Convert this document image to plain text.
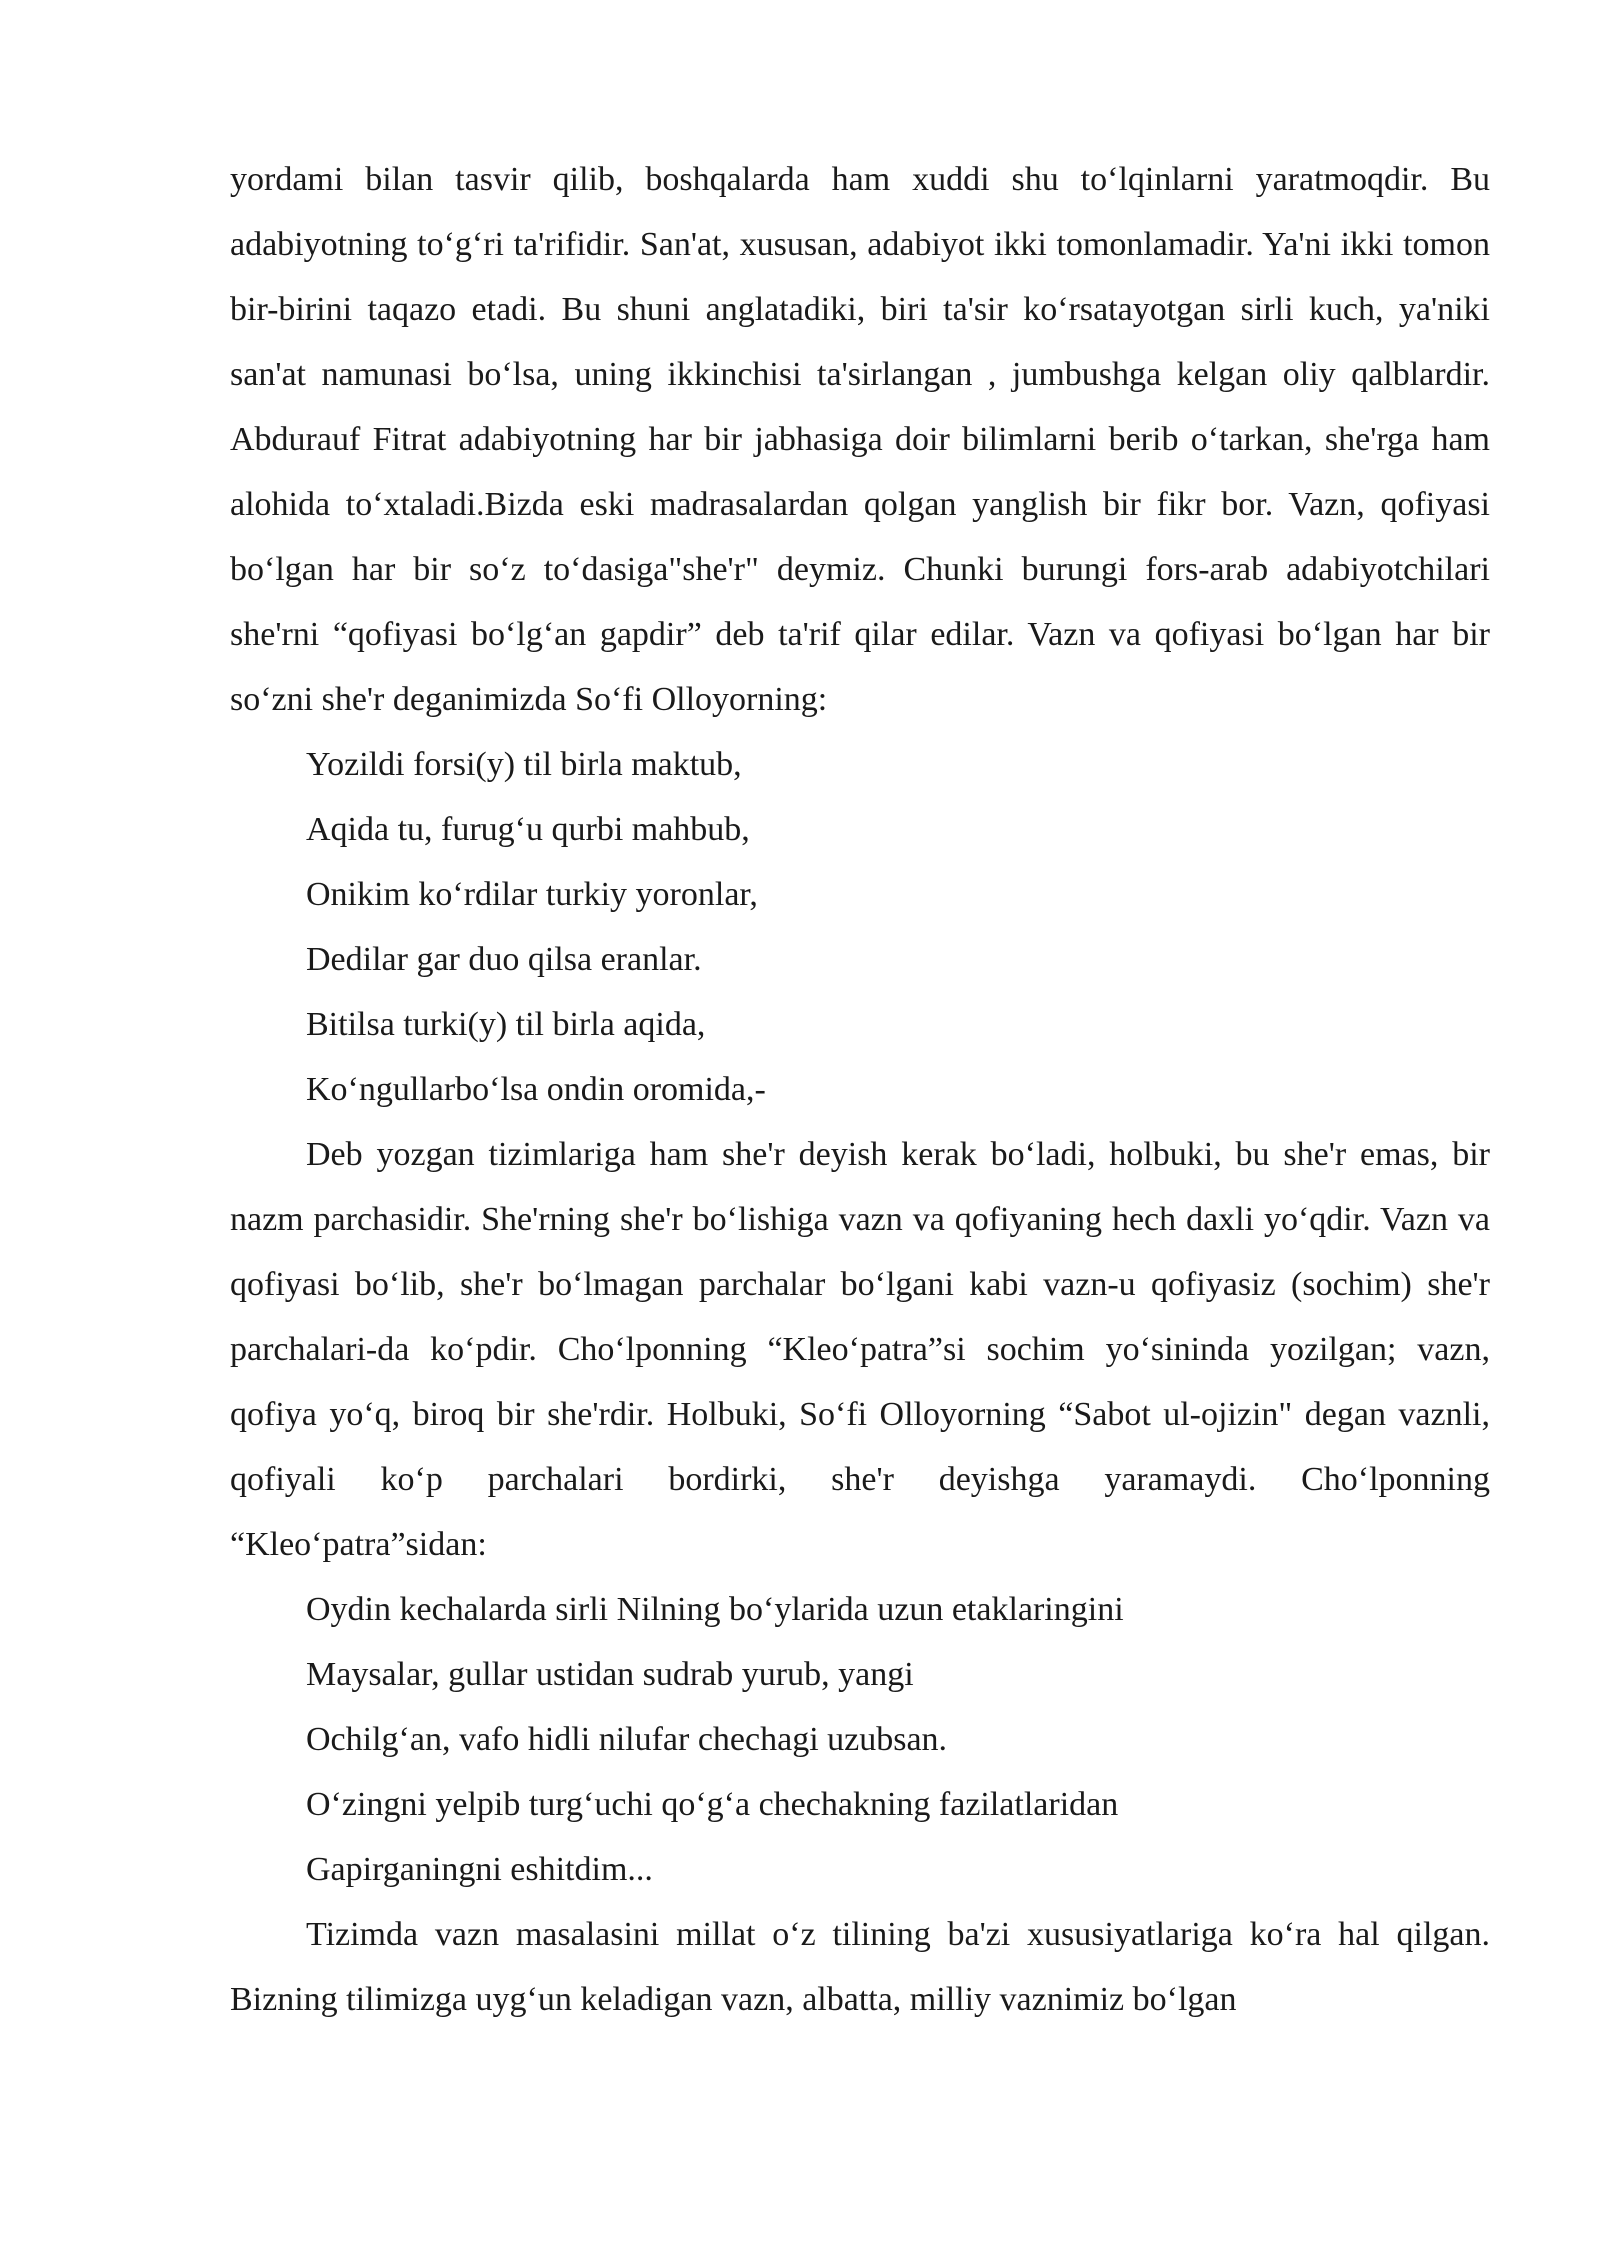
yordami bilan tasvir qilib, boshqalarda ham xuddi shu to‘lqinlarni yaratmoqdir. Bu adabiyotning to‘g‘ri ta'rifidir. San'at, xususan, adabiyot ikki tomonlamadir. Ya'ni ikki tomon bir-birini taqazo etadi. Bu shuni anglatadiki, biri ta'sir ko‘rsatayotgan sirli kuch, ya'niki san'at namunasi bo‘lsa, uning ikkinchisi ta'sirlangan , jumbushga kelgan oliy qalblardir. Abdurauf Fitrat adabiyotning har bir jabhasiga doir bilimlarni berib o‘tarkan, she'rga ham alohida to‘xtaladi.Bizda eski madrasalardan qolgan yanglish bir fikr bor. Vazn, qofiyasi bo‘lgan har bir so‘z to‘dasiga"she'r" deymiz. Chunki burungi fors-arab adabiyotchilari she'rni “qofiyasi bo‘lg‘an gapdir” deb ta'rif qilar edilar. Vazn va qofiyasi bo‘lgan har bir so‘zni she'r deganimizda So‘fi Olloyorning:

Yozildi forsi(y) til birla maktub,

Aqida tu, furug‘u qurbi mahbub,

Onikim ko‘rdilar turkiy yoronlar,

Dedilar gar duo qilsa eranlar.

Bitilsa turki(y) til birla aqida,

Ko‘ngullarbo‘lsa ondin oromida,-

Deb yozgan tizimlariga ham she'r deyish kerak bo‘ladi, holbuki, bu she'r emas, bir nazm parchasidir. She'rning she'r bo‘lishiga vazn va qofiyaning hech daxli yo‘qdir. Vazn va qofiyasi bo‘lib, she'r bo‘lmagan parchalar bo‘lgani kabi vazn-u qofiyasiz (sochim) she'r parchalari-da ko‘pdir. Cho‘lponning “Kleo‘patra”si sochim yo‘sininda yozilgan; vazn, qofiya yo‘q, biroq bir she'rdir. Holbuki, So‘fi Olloyorning “Sabot ul-ojizin" degan vaznli, qofiyali ko‘p parchalari bordirki, she'r deyishga yaramaydi. Cho‘lponning “Kleo‘patra”sidan:

Oydin kechalarda sirli Nilning bo‘ylarida uzun etaklaringini

Maysalar, gullar ustidan sudrab yurub, yangi

Ochilg‘an, vafo hidli nilufar chechagi uzubsan.

O‘zingni yelpib turg‘uchi qo‘g‘a chechakning fazilatlaridan

Gapirganingni eshitdim...

Tizimda vazn masalasini millat o‘z tilining ba'zi xususiyatlariga ko‘ra hal qilgan. Bizning tilimizga uyg‘un keladigan vazn, albatta, milliy vaznimiz bo‘lgan
